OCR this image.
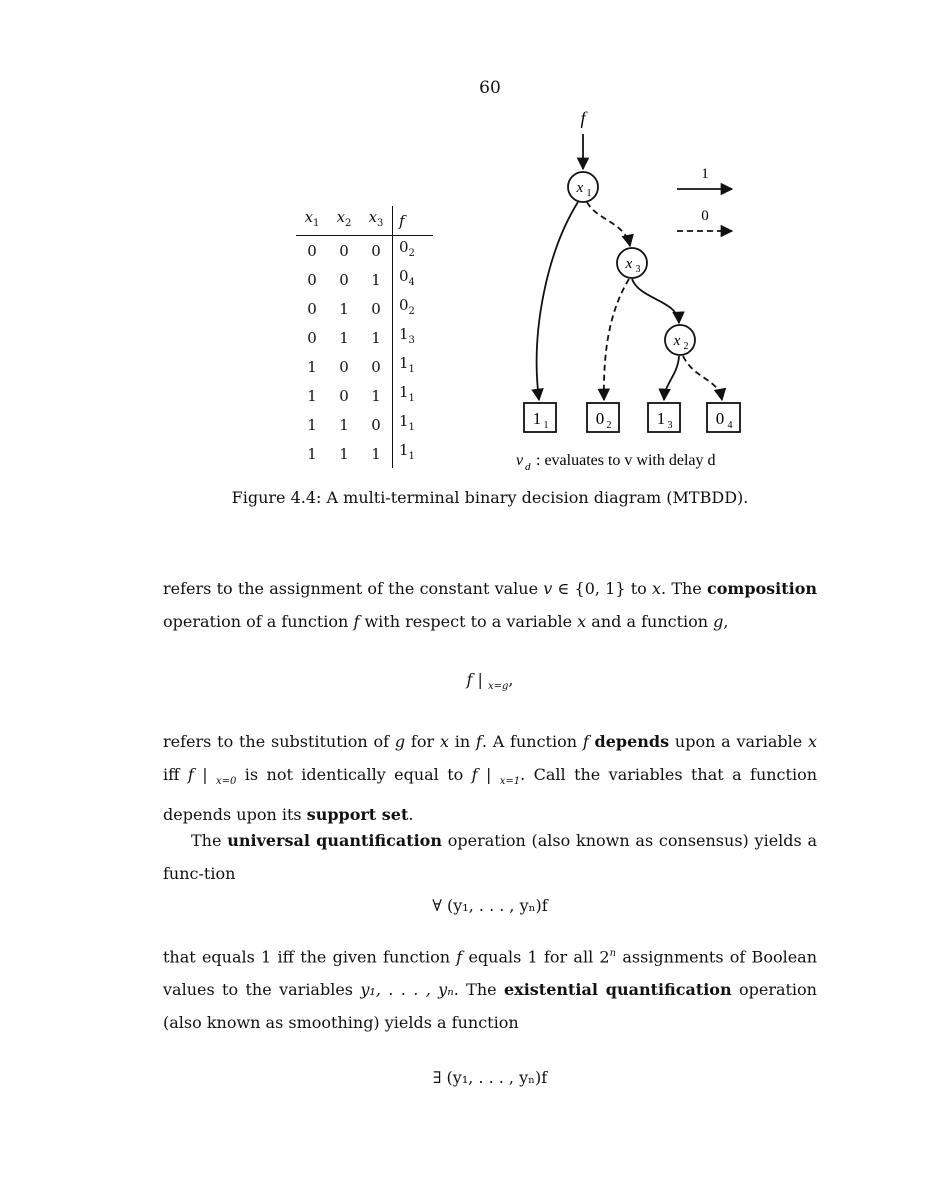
60
$x_1$	$x_2$	$x_3$	f
0	0	0	$0_2$
0	0	1	$0_4$
0	1	0	$0_2$
0	1	1	$1_3$
1	0	0	$1_1$
1	0	1	$1_1$
1	1	0	$1_1$
1	1	1	$1_1$
f
x 1
x 3
x 2
1 1	0 2	1 3	0 4
1
0
v d : evaluates to v with delay d
Figure 4.4: A multi-terminal binary decision diagram (MTBDD).
refers to the assignment of the constant value v ∈ {0, 1} to x. The composition operation of a function f with respect to a variable x and a function g,
f | $_{x=g}$,
refers to the substitution of g for x in f. A function f depends upon a variable x iff f | $_{x=0}$ is not identically equal to f | $_{x=1}$. Call the variables that a function depends upon its support set.
The universal quantification operation (also known as consensus) yields a func-tion
∀ (y₁, . . . , yₙ)f
that equals 1 iff the given function f equals 1 for all 2$^n$ assignments of Boolean values to the variables y₁, . . . , yₙ. The existential quantification operation (also known as smoothing) yields a function
∃ (y₁, . . . , yₙ)f
